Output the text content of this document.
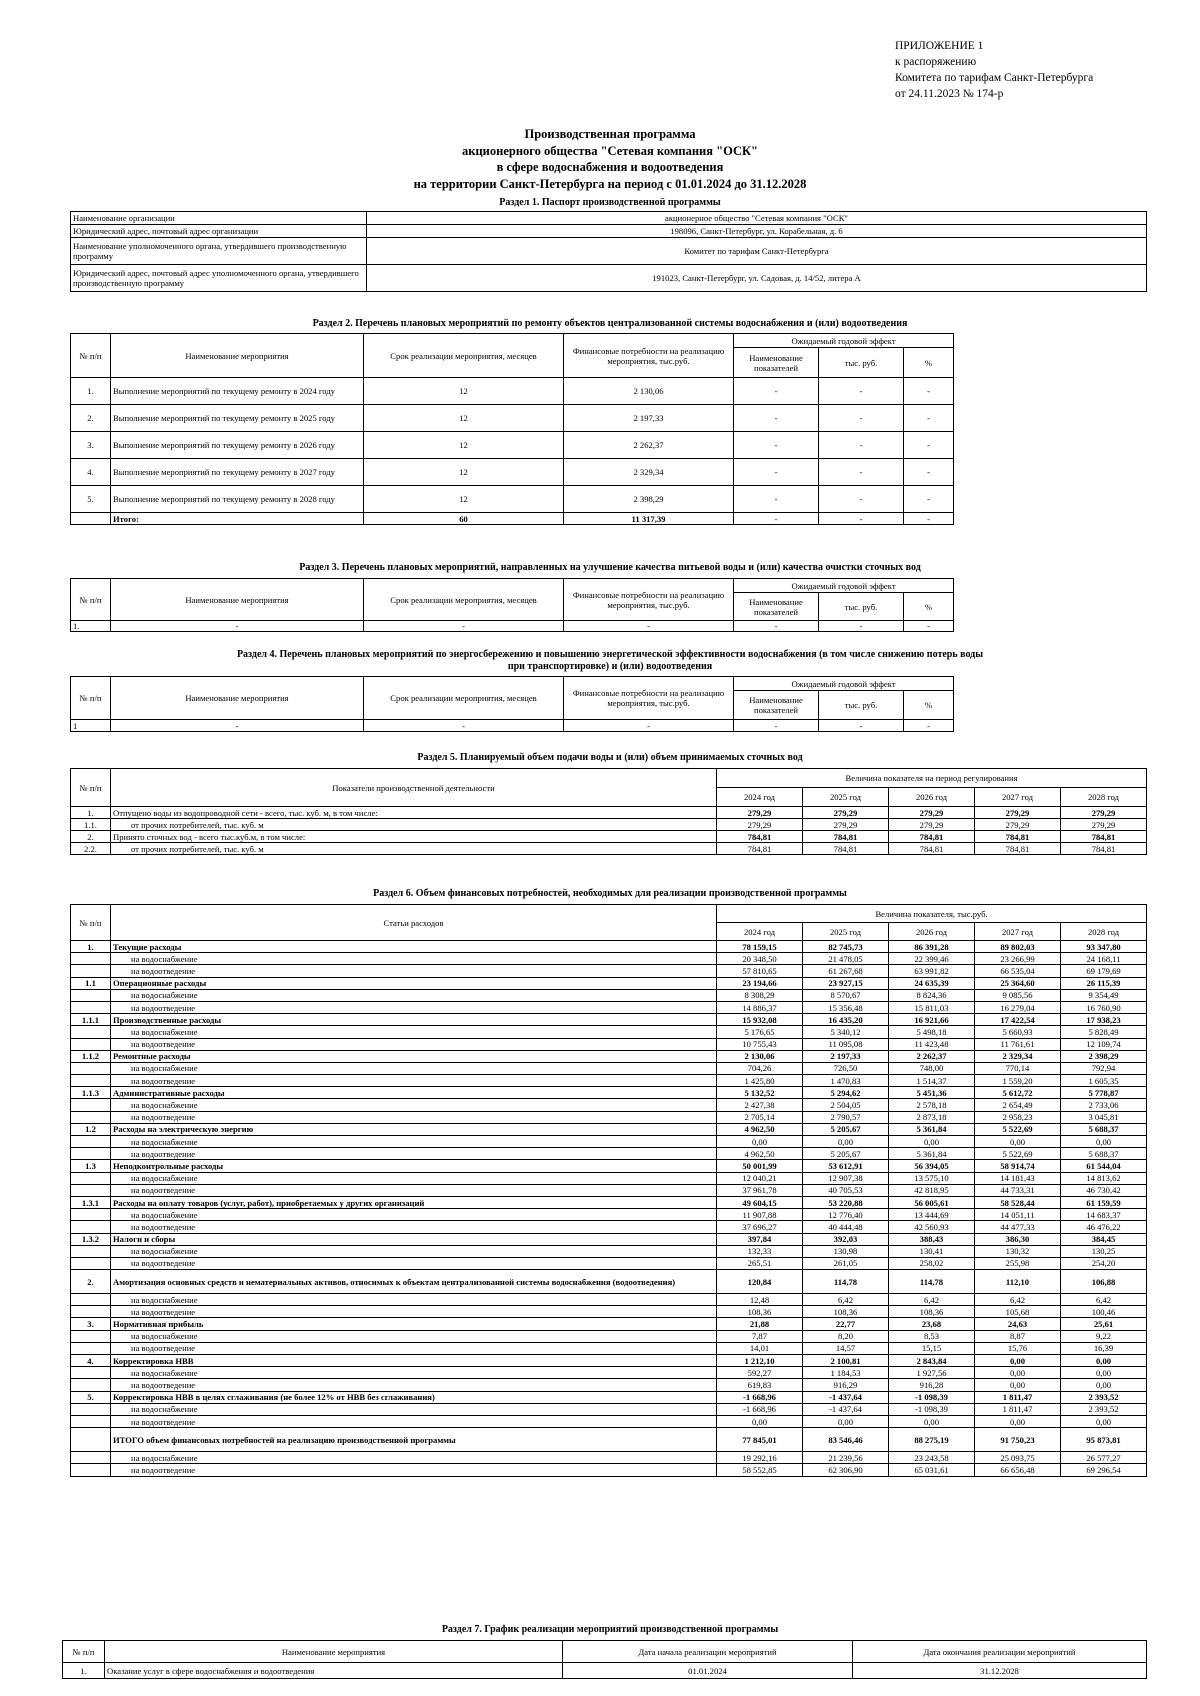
ПРИЛОЖЕНИЕ 1
к распоряжению
Комитета по тарифам Санкт-Петербурга
от 24.11.2023 № 174-р
Производственная программа
акционерного общества "Сетевая компания "ОСК"
в сфере водоснабжения и водоотведения
на территории Санкт-Петербурга на период с 01.01.2024 до 31.12.2028
Раздел 1. Паспорт производственной программы
Наименование организации	акционерное общество "Сетевая компания "ОСК"
Юридический адрес, почтовый адрес организации	198096, Санкт-Петербург, ул. Корабельная, д. 6
Наименование уполномоченного органа, утвердившего производственную программу	Комитет по тарифам Санкт-Петербурга
Юридический адрес, почтовый адрес уполномоченного органа, утвердившего производственную программу	191023, Санкт-Петербург, ул. Садовая, д. 14/52, литера А
Раздел 2. Перечень плановых мероприятий по ремонту объектов централизованной системы водоснабжения и (или) водоотведения
№ п/п	Наименование мероприятия	Срок реализации мероприятия, месяцев	Финансовые потребности на реализацию мероприятия, тыс.руб.	Ожидаемый годовой эффект		
				Наименование показателей	тыс. руб.	%
1.	Выполнение мероприятий по текущему ремонту в 2024 году	12	2 130,06	-	-	-
2.	Выполнение мероприятий по текущему ремонту в 2025 году	12	2 197,33	-	-	-
3.	Выполнение мероприятий по текущему ремонту в 2026 году	12	2 262,37	-	-	-
4.	Выполнение мероприятий по текущему ремонту в 2027 году	12	2 329,34	-	-	-
5.	Выполнение мероприятий по текущему ремонту в 2028 году	12	2 398,29	-	-	-
	Итого:	60	11 317,39	-	-	-
Раздел 3. Перечень плановых мероприятий, направленных на улучшение качества питьевой воды и (или) качества очистки сточных вод
№ п/п	Наименование мероприятия	Срок реализации мероприятия, месяцев	Финансовые потребности на реализацию мероприятия, тыс.руб.	Ожидаемый годовой эффект		
				Наименование показателей	тыс. руб.	%
1.	-	-	-	-	-	-
Раздел 4. Перечень плановых мероприятий по энергосбережению и повышению энергетической эффективности водоснабжения (в том числе снижению потерь воды
при транспортировке) и (или) водоотведения
№ п/п	Наименование мероприятия	Срок реализации мероприятия, месяцев	Финансовые потребности на реализацию мероприятия, тыс.руб.	Ожидаемый годовой эффект		
				Наименование показателей	тыс. руб.	%
1	-	-	-	-	-	-
Раздел 5. Планируемый объем подачи воды и (или) объем принимаемых сточных вод
№ п/п	Показатели производственной деятельности	Величина показателя на период регулирования				
		2024 год	2025 год	2026 год	2027 год	2028 год
1.	Отпущено воды из водопроводной сети - всего, тыс. куб. м, в том числе:	279,29	279,29	279,29	279,29	279,29
1.1.	от прочих потребителей, тыс. куб. м	279,29	279,29	279,29	279,29	279,29
2.	Принято сточных вод - всего тыс.куб.м, в том числе:	784,81	784,81	784,81	784,81	784,81
2.2.	от прочих потребителей, тыс. куб. м	784,81	784,81	784,81	784,81	784,81
Раздел 6. Объем финансовых потребностей, необходимых для реализации производственной программы
№ п/п	Статьи расходов	Величина показателя, тыс.руб.				
		2024 год	2025 год	2026 год	2027 год	2028 год
1.	Текущие расходы	78 159,15	82 745,73	86 391,28	89 802,03	93 347,80
	на водоснабжение	20 348,50	21 478,05	22 399,46	23 266,99	24 168,11
	на водоотведение	57 810,65	61 267,68	63 991,82	66 535,04	69 179,69
1.1	Операционные расходы	23 194,66	23 927,15	24 635,39	25 364,60	26 115,39
	на водоснабжение	8 308,29	8 570,67	8 824,36	9 085,56	9 354,49
	на водоотведение	14 886,37	15 356,48	15 811,03	16 279,04	16 760,90
1.1.1	Производственные расходы	15 932,08	16 435,20	16 921,66	17 422,54	17 938,23
	на водоснабжение	5 176,65	5 340,12	5 498,18	5 660,93	5 828,49
	на водоотведение	10 755,43	11 095,08	11 423,48	11 761,61	12 109,74
1.1.2	Ремонтные расходы	2 130,06	2 197,33	2 262,37	2 329,34	2 398,29
	на водоснабжение	704,26	726,50	748,00	770,14	792,94
	на водоотведение	1 425,80	1 470,83	1 514,37	1 559,20	1 605,35
1.1.3	Административные расходы	5 132,52	5 294,62	5 451,36	5 612,72	5 778,87
	на водоснабжение	2 427,38	2 504,05	2 578,18	2 654,49	2 733,06
	на водоотведение	2 705,14	2 790,57	2 873,18	2 958,23	3 045,81
1.2	Расходы на электрическую энергию	4 962,50	5 205,67	5 361,84	5 522,69	5 688,37
	на водоснабжение	0,00	0,00	0,00	0,00	0,00
	на водоотведение	4 962,50	5 205,67	5 361,84	5 522,69	5 688,37
1.3	Неподконтрольные расходы	50 001,99	53 612,91	56 394,05	58 914,74	61 544,04
	на водоснабжение	12 040,21	12 907,38	13 575,10	14 181,43	14 813,62
	на водоотведение	37 961,78	40 705,53	42 818,95	44 733,31	46 730,42
1.3.1	Расходы на оплату товаров (услуг, работ), приобретаемых у других организаций	49 604,15	53 220,88	56 005,61	58 528,44	61 159,59
	на водоснабжение	11 907,88	12 776,40	13 444,69	14 051,11	14 683,37
	на водоотведение	37 696,27	40 444,48	42 560,93	44 477,33	46 476,22
1.3.2	Налоги и сборы	397,84	392,03	388,43	386,30	384,45
	на водоснабжение	132,33	130,98	130,41	130,32	130,25
	на водоотведение	265,51	261,05	258,02	255,98	254,20
2.	Амортизация основных средств и нематериальных активов, относимых к объектам централизованной системы водоснабжения (водоотведения)	120,84	114,78	114,78	112,10	106,88
	на водоснабжение	12,48	6,42	6,42	6,42	6,42
	на водоотведение	108,36	108,36	108,36	105,68	100,46
3.	Нормативная прибыль	21,88	22,77	23,68	24,63	25,61
	на водоснабжение	7,87	8,20	8,53	8,87	9,22
	на водоотведение	14,01	14,57	15,15	15,76	16,39
4.	Корректировка НВВ	1 212,10	2 100,81	2 843,84	0,00	0,00
	на водоснабжение	592,27	1 184,53	1 927,56	0,00	0,00
	на водоотведение	619,83	916,29	916,28	0,00	0,00
5.	Корректировка НВВ в целях сглаживания (не более 12% от НВВ без сглаживания)	-1 668,96	-1 437,64	-1 098,39	1 811,47	2 393,52
	на водоснабжение	-1 668,96	-1 437,64	-1 098,39	1 811,47	2 393,52
	на водоотведение	0,00	0,00	0,00	0,00	0,00
	ИТОГО объем финансовых потребностей на реализацию производственной программы	77 845,01	83 546,46	88 275,19	91 750,23	95 873,81
	на водоснабжение	19 292,16	21 239,56	23 243,58	25 093,75	26 577,27
	на водоотведение	58 552,85	62 306,90	65 031,61	66 656,48	69 296,54
Раздел 7. График реализации мероприятий производственной программы
№ п/п	Наименование мероприятия	Дата начала реализации мероприятий	Дата окончания реализации мероприятий
1.	Оказание услуг в сфере водоснабжения и водоотведения	01.01.2024	31.12.2028
